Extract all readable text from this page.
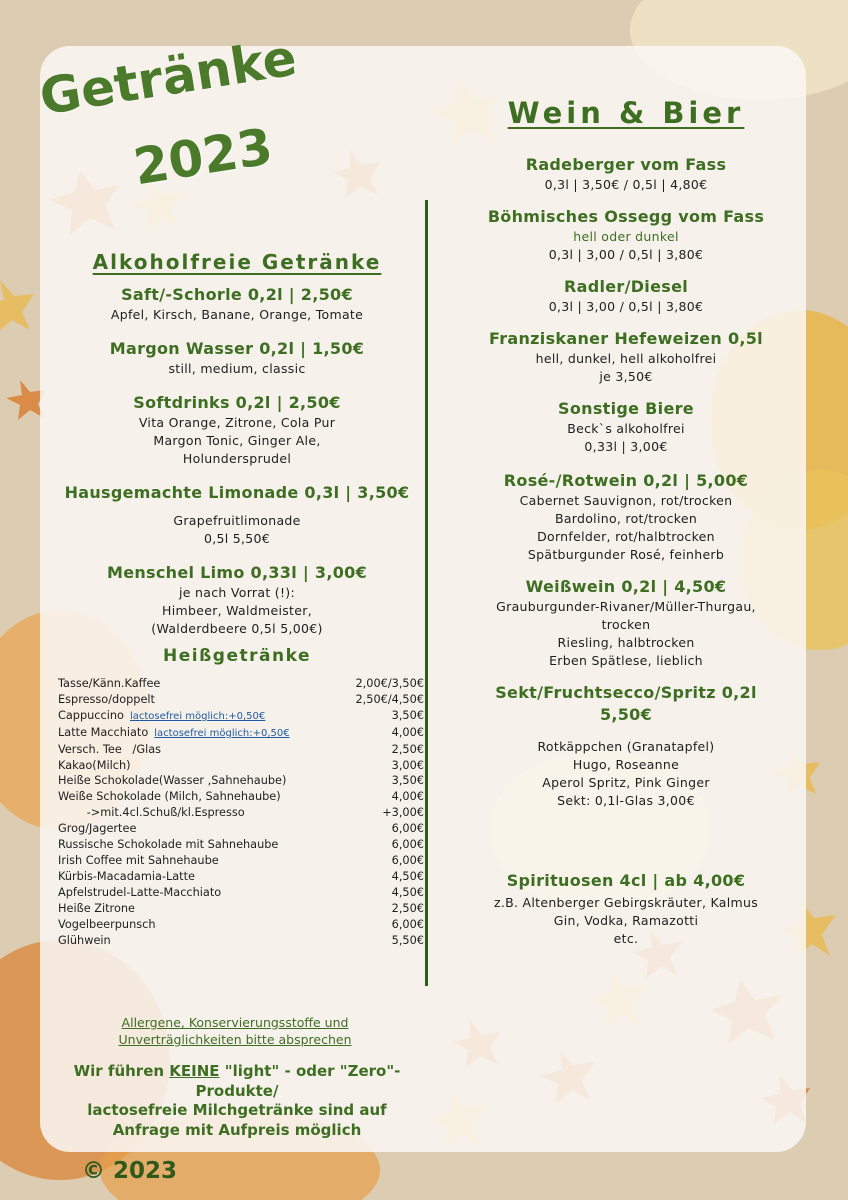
Getränke
2023
Alkoholfreie Getränke
Saft/-Schorle 0,2l | 2,50€
Apfel, Kirsch, Banane, Orange, Tomate
Margon Wasser 0,2l | 1,50€
still, medium, classic
Softdrinks 0,2l | 2,50€
Vita Orange, Zitrone, Cola Pur
Margon Tonic, Ginger Ale,
Holundersprudel
Hausgemachte Limonade 0,3l | 3,50€
Grapefruitlimonade
0,5l 5,50€
Menschel Limo 0,33l | 3,00€
je nach Vorrat (!):
Himbeer, Waldmeister,
(Walderdbeere 0,5l 5,00€)
Heißgetränke
Tasse/Känn.Kaffee	2,00€/3,50€
Espresso/doppelt	2,50€/4,50€
Cappuccino lactosefrei möglich:+0,50€	3,50€
Latte Macchiato lactosefrei möglich:+0,50€	4,00€
Versch. Tee   /Glas	2,50€
Kakao(Milch)	3,00€
Heiße Schokolade(Wasser ,Sahnehaube)	3,50€
Weiße Schokolade (Milch, Sahnehaube)	4,00€
->mit.4cl.Schuß/kl.Espresso	+3,00€
Grog/Jagertee	6,00€
Russische Schokolade mit Sahnehaube	6,00€
Irish Coffee mit Sahnehaube	6,00€
Kürbis-Macadamia-Latte	4,50€
Apfelstrudel-Latte-Macchiato	4,50€
Heiße Zitrone	2,50€
Vogelbeerpunsch	6,00€
Glühwein	5,50€
Wein & Bier
Radeberger vom Fass
0,3l | 3,50€ / 0,5l | 4,80€
Böhmisches Ossegg vom Fass
hell oder dunkel
0,3l | 3,00 / 0,5l | 3,80€
Radler/Diesel
0,3l | 3,00 / 0,5l | 3,80€
Franziskaner Hefeweizen 0,5l
hell, dunkel, hell alkoholfrei
je 3,50€
Sonstige Biere
Beck`s alkoholfrei
0,33l | 3,00€
Rosé-/Rotwein 0,2l | 5,00€
Cabernet Sauvignon, rot/trocken
Bardolino, rot/trocken
Dornfelder, rot/halbtrocken
Spätburgunder Rosé, feinherb
Weißwein 0,2l | 4,50€
Grauburgunder-Rivaner/Müller-Thurgau,
trocken
Riesling, halbtrocken
Erben Spätlese, lieblich
Sekt/Fruchtsecco/Spritz 0,2l
5,50€
Rotkäppchen (Granatapfel)
Hugo, Roseanne
Aperol Spritz, Pink Ginger
Sekt: 0,1l-Glas 3,00€
Spirituosen 4cl | ab 4,00€
z.B. Altenberger Gebirgskräuter, Kalmus
Gin, Vodka, Ramazotti
etc.
Allergene, Konservierungsstoffe und
Unverträglichkeiten bitte absprechen
Wir führen KEINE "light" - oder "Zero"-
Produkte/
lactosefreie Milchgetränke sind auf
Anfrage mit Aufpreis möglich
© 2023
